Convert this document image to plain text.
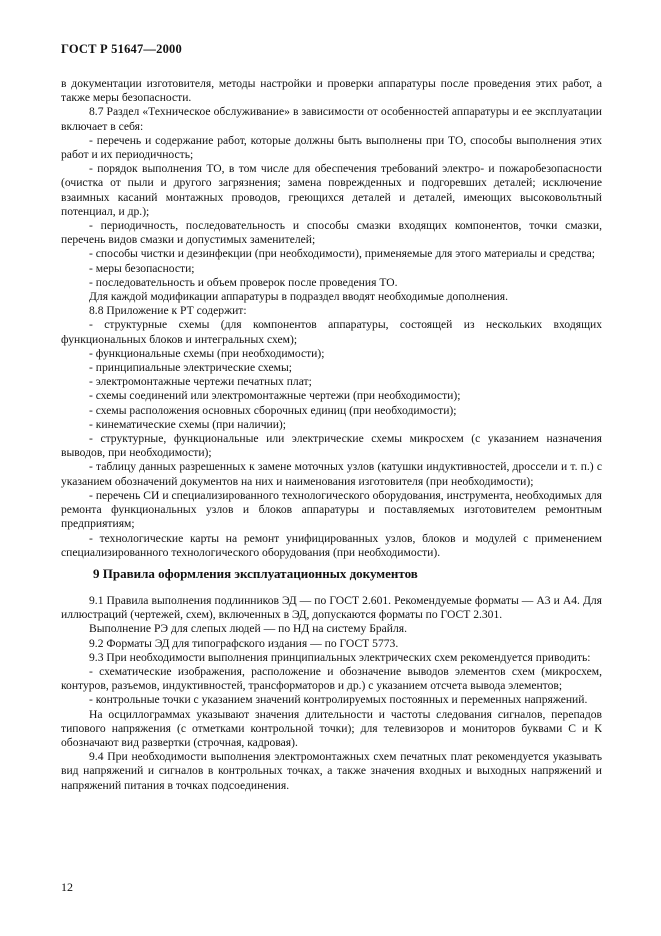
ГОСТ Р 51647—2000

в документации изготовителя, методы настройки и проверки аппаратуры после проведения этих работ, а также меры безопасности.

8.7 Раздел «Техническое обслуживание» в зависимости от особенностей аппаратуры и ее эксплуатации включает в себя:

- перечень и содержание работ, которые должны быть выполнены при ТО, способы выполнения этих работ и их периодичность;

- порядок выполнения ТО, в том числе для обеспечения требований электро- и пожаробезопасности (очистка от пыли и другого загрязнения; замена поврежденных и подгоревших деталей; исключение взаимных касаний монтажных проводов, греющихся деталей и деталей, имеющих высоковольтный потенциал, и др.);

- периодичность, последовательность и способы смазки входящих компонентов, точки смазки, перечень видов смазки и допустимых заменителей;

- способы чистки и дезинфекции (при необходимости), применяемые для этого материалы и средства;

- меры безопасности;

- последовательность и объем проверок после проведения ТО.

Для каждой модификации аппаратуры в подраздел вводят необходимые дополнения.

8.8 Приложение к РТ содержит:

- структурные схемы (для компонентов аппаратуры, состоящей из нескольких входящих функциональных блоков и интегральных схем);

- функциональные схемы (при необходимости);

- принципиальные электрические схемы;

- электромонтажные чертежи печатных плат;

- схемы соединений или электромонтажные чертежи (при необходимости);

- схемы расположения основных сборочных единиц (при необходимости);

- кинематические схемы (при наличии);

- структурные, функциональные или электрические схемы микросхем (с указанием назначения выводов, при необходимости);

- таблицу данных разрешенных к замене моточных узлов (катушки индуктивностей, дроссели и т. п.) с указанием обозначений документов на них и наименования изготовителя (при необходимости);

- перечень СИ и специализированного технологического оборудования, инструмента, необходимых для ремонта функциональных узлов и блоков аппаратуры и поставляемых изготовителем ремонтным предприятиям;

- технологические карты на ремонт унифицированных узлов, блоков и модулей с применением специализированного технологического оборудования (при необходимости).

9 Правила оформления эксплуатационных документов

9.1 Правила выполнения подлинников ЭД — по ГОСТ 2.601. Рекомендуемые форматы — А3 и А4. Для иллюстраций (чертежей, схем), включенных в ЭД, допускаются форматы по ГОСТ 2.301.

Выполнение РЭ для слепых людей — по НД на систему Брайля.

9.2 Форматы ЭД для типографского издания — по ГОСТ 5773.

9.3 При необходимости выполнения принципиальных электрических схем рекомендуется приводить:

- схематические изображения, расположение и обозначение выводов элементов схем (микросхем, контуров, разъемов, индуктивностей, трансформаторов и др.) с указанием отсчета вывода элементов;

- контрольные точки с указанием значений контролируемых постоянных и переменных напряжений.

На осциллограммах указывают значения длительности и частоты следования сигналов, перепадов типового напряжения (с отметками контрольной точки); для телевизоров и мониторов буквами С и К обозначают вид развертки (строчная, кадровая).

9.4 При необходимости выполнения электромонтажных схем печатных плат рекомендуется указывать вид напряжений и сигналов в контрольных точках, а также значения входных и выходных напряжений и напряжений питания в точках подсоединения.

12
